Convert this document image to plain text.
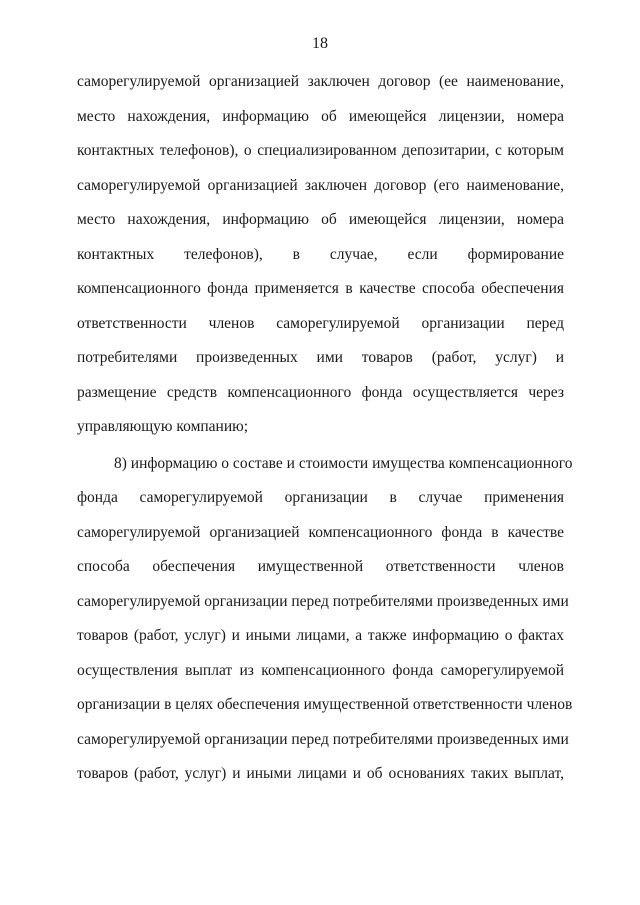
18
саморегулируемой организацией заключен договор (ее наименование,
место нахождения, информацию об имеющейся лицензии, номера
контактных телефонов), о специализированном депозитарии, с которым
саморегулируемой организацией заключен договор (его наименование,
место нахождения, информацию об имеющейся лицензии, номера
контактных телефонов), в случае, если формирование
компенсационного фонда применяется в качестве способа обеспечения
ответственности членов саморегулируемой организации перед
потребителями произведенных ими товаров (работ, услуг) и
размещение средств компенсационного фонда осуществляется через
управляющую компанию;
8) информацию о составе и стоимости имущества компенсационного
фонда саморегулируемой организации в случае применения
саморегулируемой организацией компенсационного фонда в качестве
способа обеспечения имущественной ответственности членов
саморегулируемой организации перед потребителями произведенных ими
товаров (работ, услуг) и иными лицами, а также информацию о фактах
осуществления выплат из компенсационного фонда саморегулируемой
организации в целях обеспечения имущественной ответственности членов
саморегулируемой организации перед потребителями произведенных ими
товаров (работ, услуг) и иными лицами и об основаниях таких выплат,
